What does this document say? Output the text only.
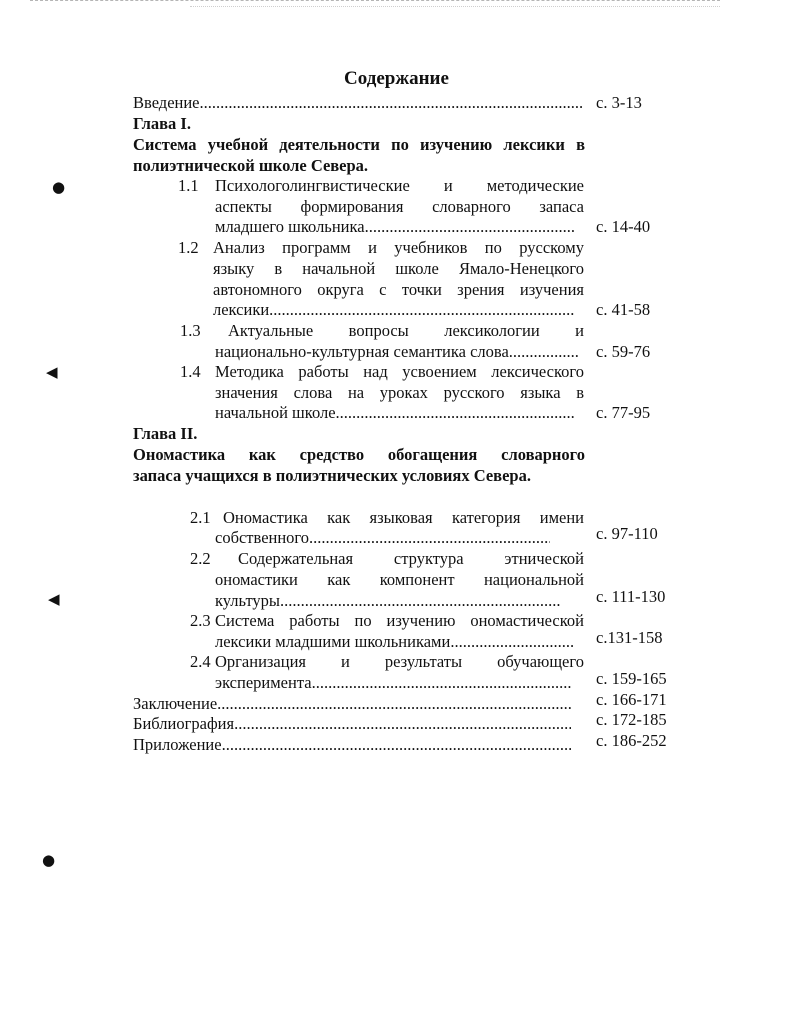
●
◀
◀
●
Содержание
Введение .....	с. 3-13
Глава Ι.
Система учебной деятельности по изучению лексики в
полиэтнической школе Севера.
1.1 Психологолингвистические и методические
аспекты формирования словарного запаса
младшего школьника .....	с. 14-40
1.2 Анализ программ и учебников по русскому
языку в начальной школе Ямало-Ненецкого
автономного округа с точки зрения изучения
лексики .....	с. 41-58
1.3 Актуальные вопросы лексикологии и
национально-культурная семантика слова .....	с. 59-76
1.4 Методика работы над усвоением лексического
значения слова на уроках русского языка в
начальной школе .....	с. 77-95
Глава ΙΙ.
Ономастика как средство обогащения словарного
запаса учащихся в полиэтнических условиях Севера.
2.1 Ономастика как языковая категория имени
собственного .....	с. 97-110
2.2 Содержательная структура этнической
ономастики как компонент национальной
культуры .....	с. 111-130
2.3 Система работы по изучению ономастической
лексики младшими школьниками .....	с.131-158
2.4 Организация и результаты обучающего
эксперимента .....	с. 159-165
Заключение .....	с. 166-171
Библиография .....	с. 172-185
Приложение .....	с. 186-252
